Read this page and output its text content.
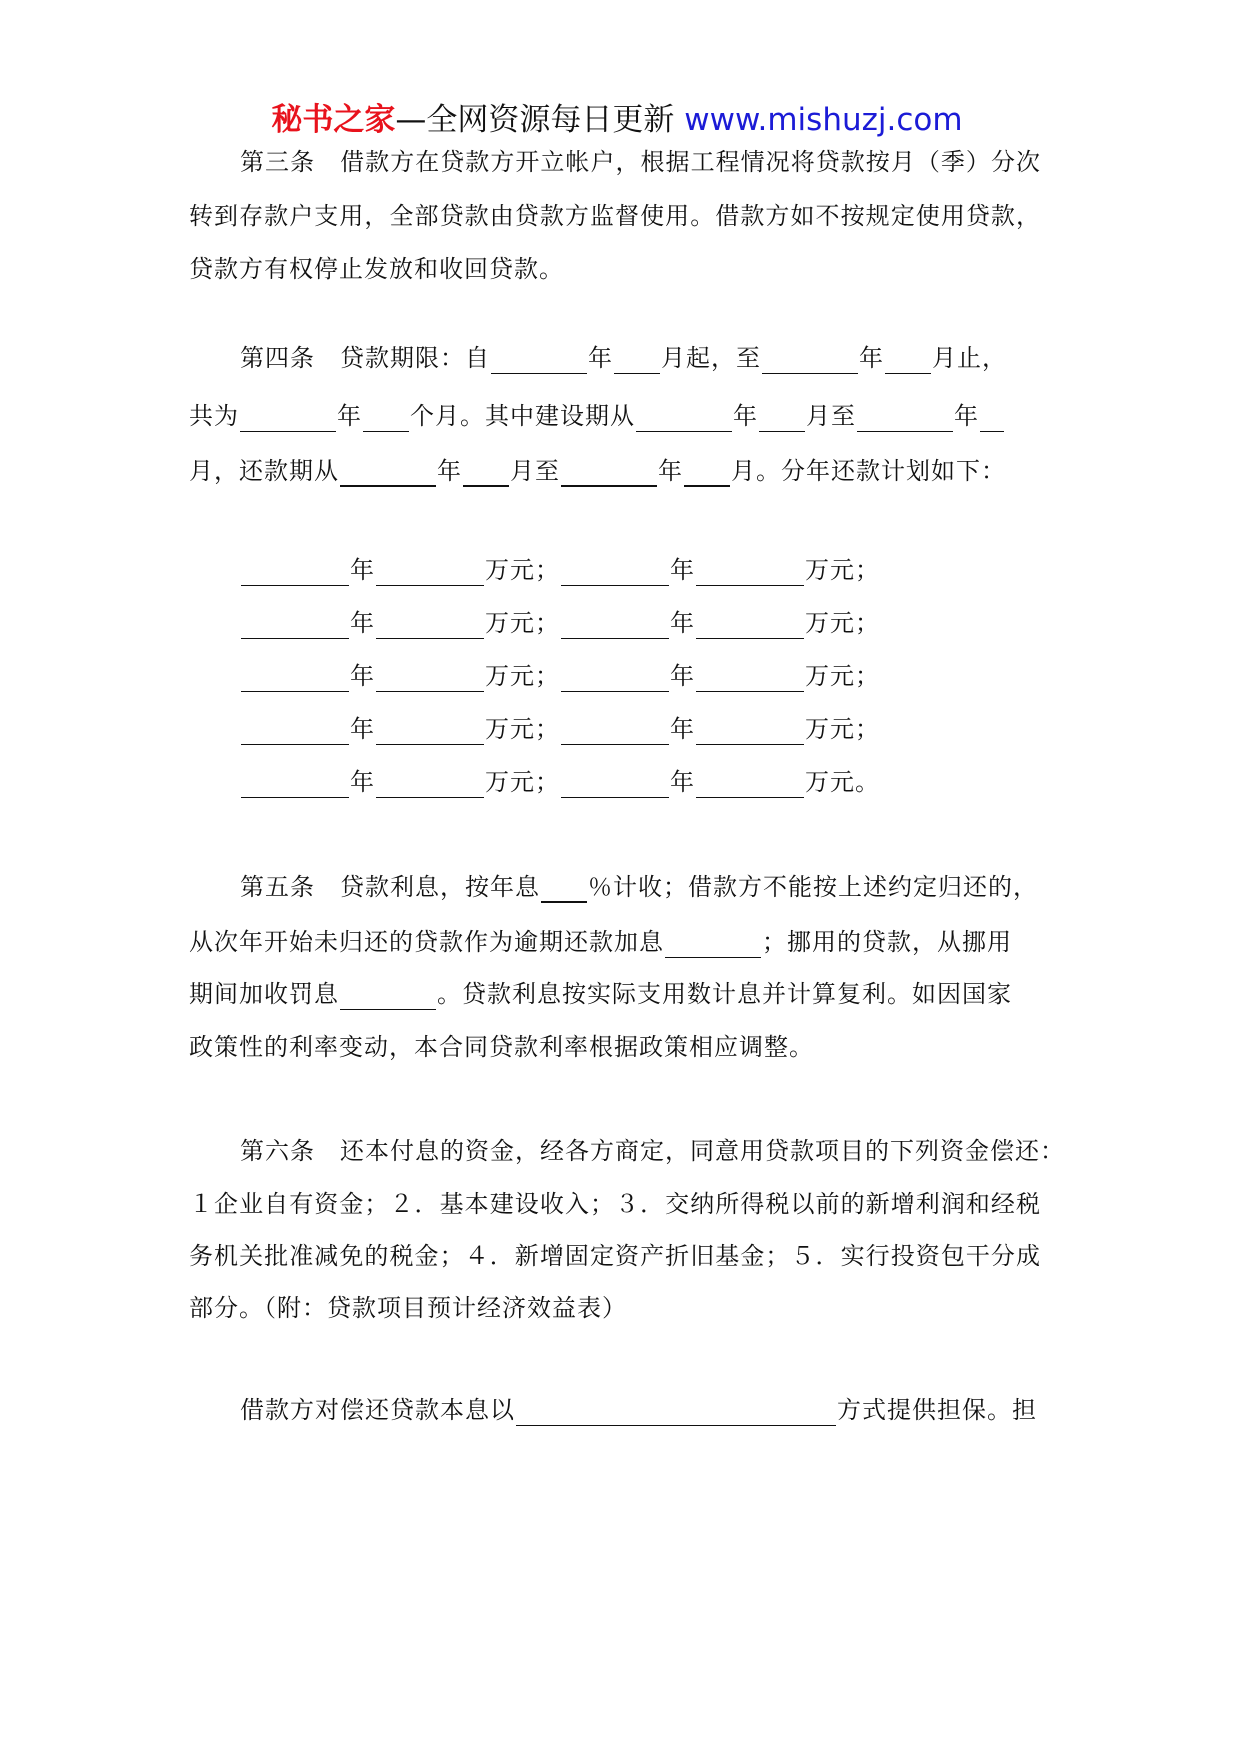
秘书之家—全网资源每日更新 www.mishuzj.com
第三条　借款方在贷款方开立帐户，根据工程情况将贷款按月（季）分次
转到存款户支用，全部贷款由贷款方监督使用。借款方如不按规定使用贷款，
贷款方有权停止发放和收回贷款。
第四条　贷款期限：自	年 月起，至	年 月止，
共为	年 个月。其中建设期从	年 月至	年
月，还款期从	年 月至	年 月。分年还款计划如下：
年	万元；	年	万元；
年	万元；	年	万元；
年	万元；	年	万元；
年	万元；	年	万元；
年	万元；	年	万元。
第五条　贷款利息，按年息 ％计收；借款方不能按上述约定归还的，
从次年开始未归还的贷款作为逾期还款加息	；挪用的贷款，从挪用
期间加收罚息	。贷款利息按实际支用数计息并计算复利。如因国家
政策性的利率变动，本合同贷款利率根据政策相应调整。
第六条　还本付息的资金，经各方商定，同意用贷款项目的下列资金偿还：
１企业自有资金；２．基本建设收入；３．交纳所得税以前的新增利润和经税
务机关批准减免的税金；４．新增固定资产折旧基金；５．实行投资包干分成
部分。（附：贷款项目预计经济效益表）
借款方对偿还贷款本息以	方式提供担保。担
